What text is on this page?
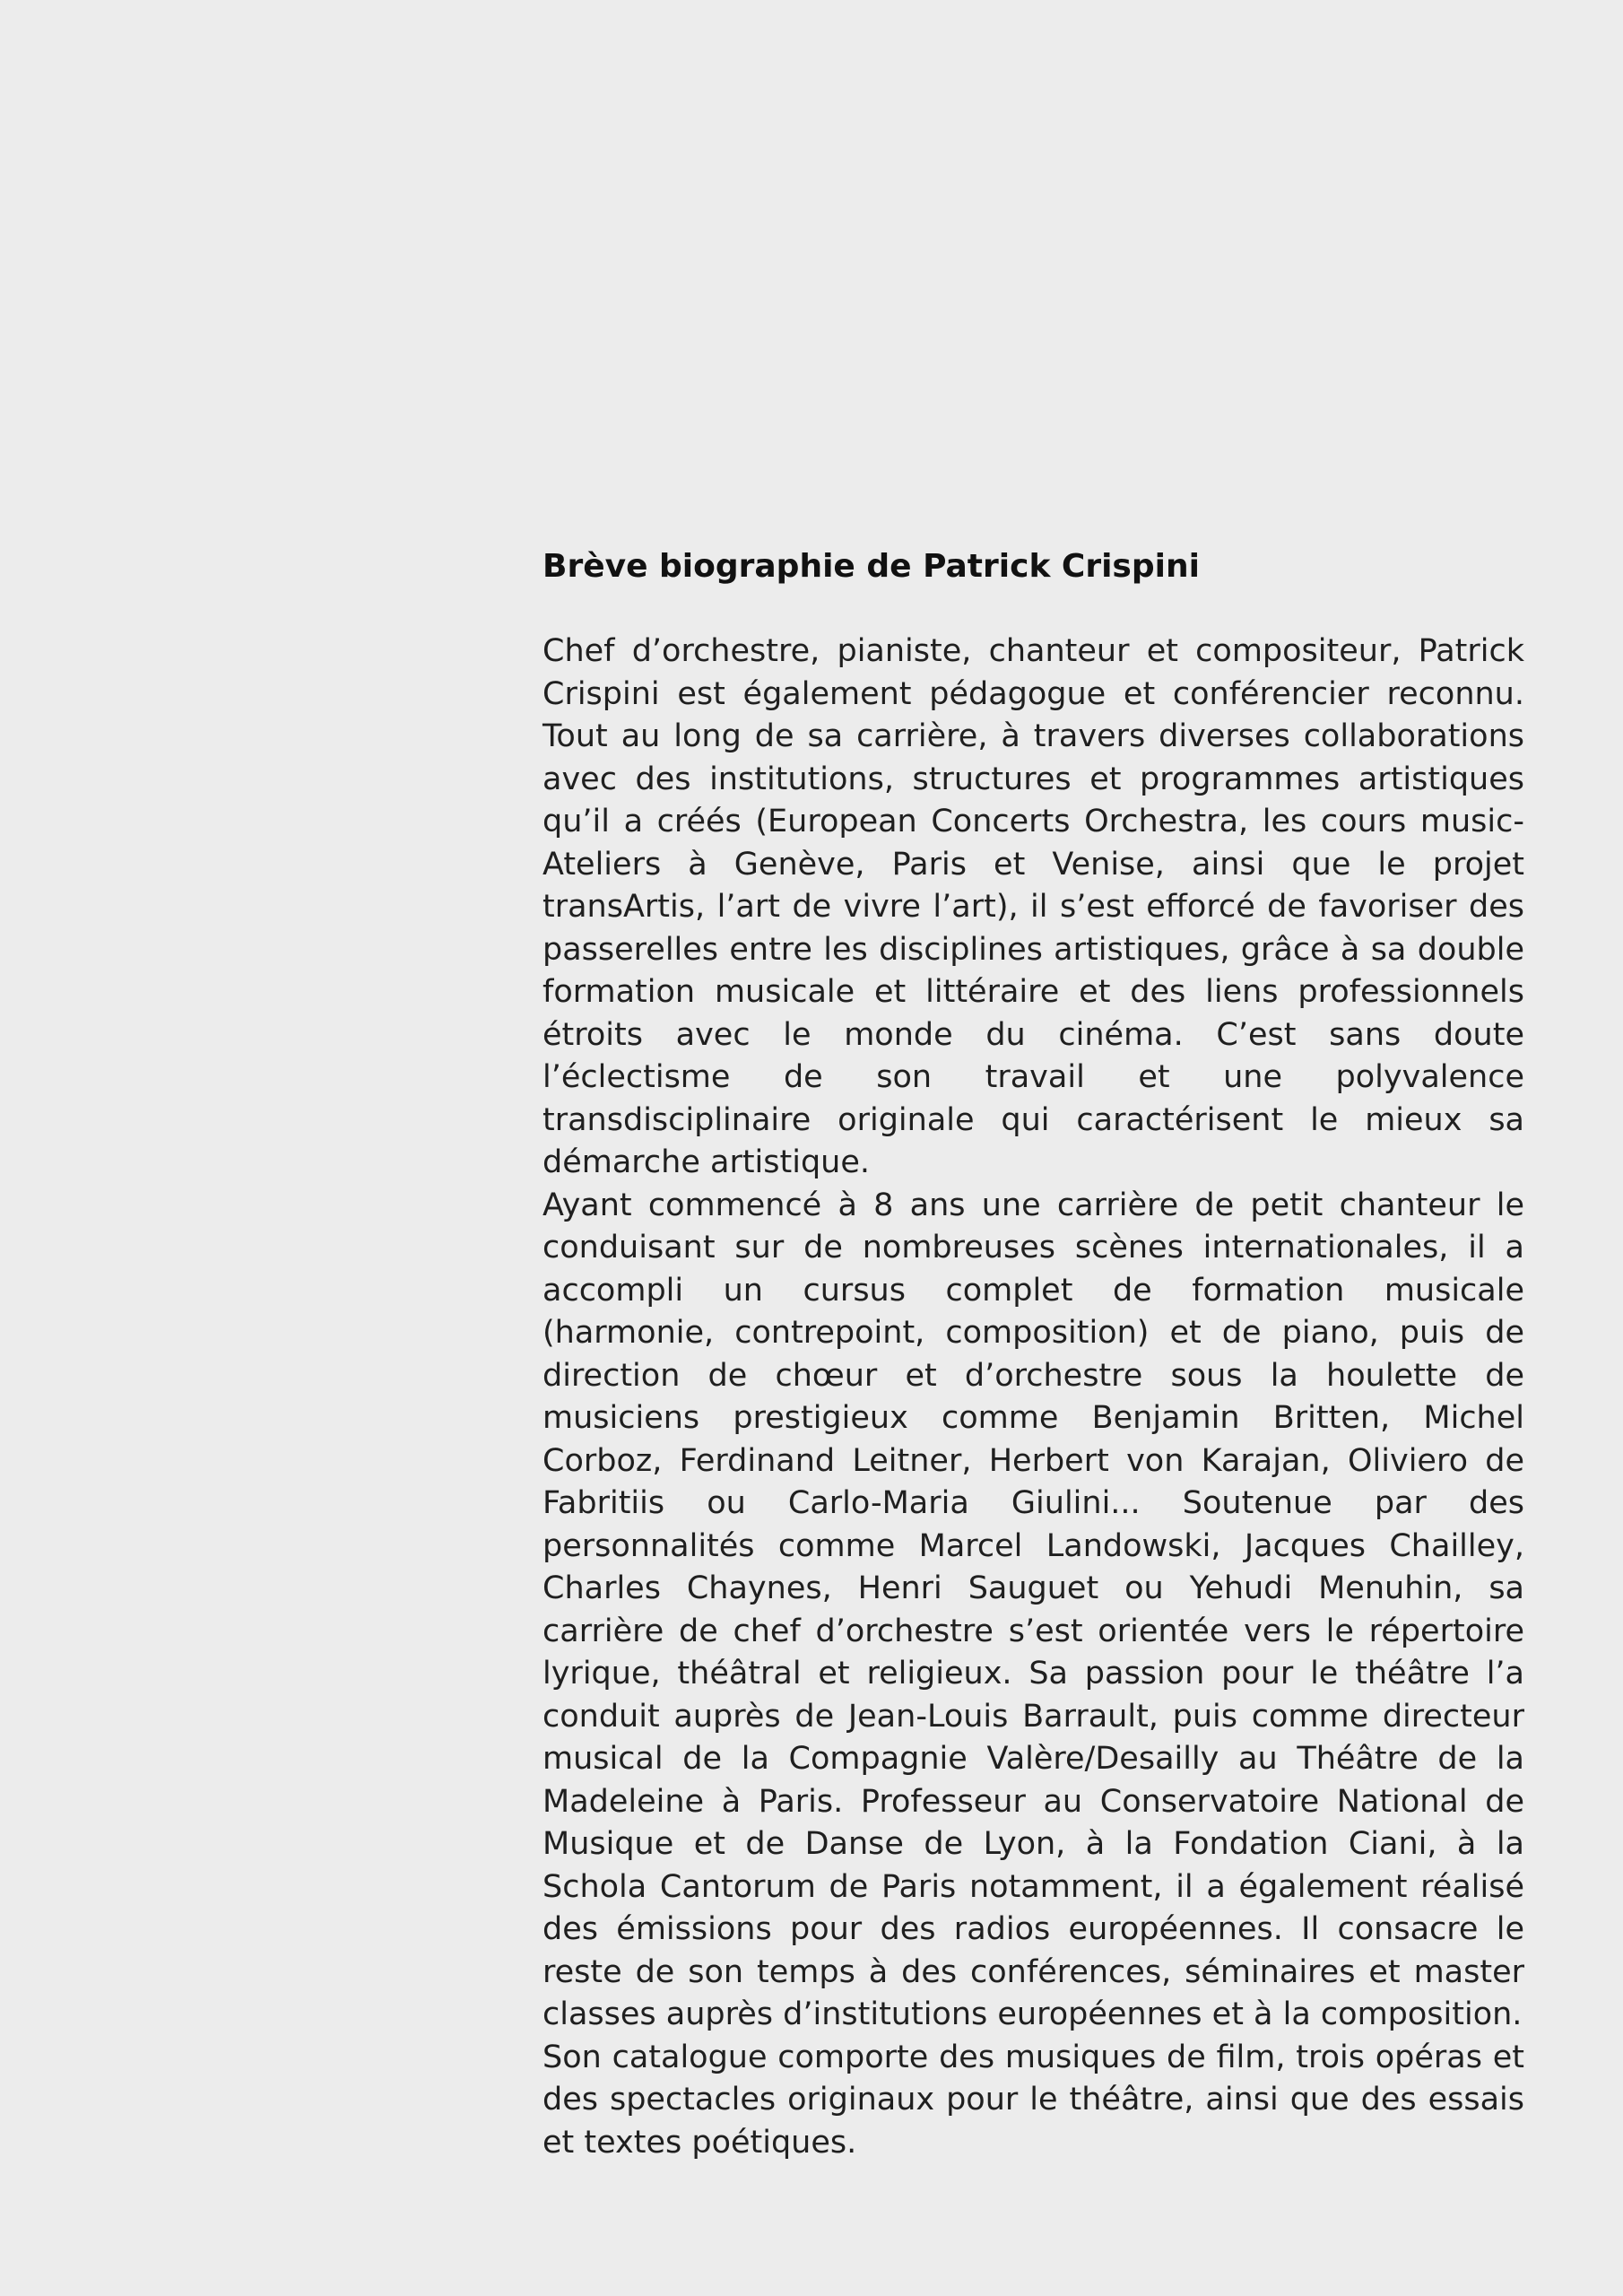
Brève biographie de Patrick Crispini

Chef d’orchestre, pianiste, chanteur et compositeur, Patrick Crispini est également pédagogue et conférencier reconnu. Tout au long de sa carrière, à travers diverses collaborations avec des institutions, structures et programmes artistiques qu’il a créés (European Concerts Orchestra, les cours music-Ateliers à Genève, Paris et Venise, ainsi que le projet transArtis, l’art de vivre l’art), il s’est efforcé de favoriser des passerelles entre les disciplines artistiques, grâce à sa double formation musicale et littéraire et des liens professionnels étroits avec le monde du cinéma. C’est sans doute l’éclectisme de son travail et une polyvalence transdisciplinaire originale qui caractérisent le mieux sa démarche artistique.

Ayant commencé à 8 ans une carrière de petit chanteur le conduisant sur de nombreuses scènes internationales, il a accompli un cursus complet de formation musicale (harmonie, contrepoint, composition) et de piano, puis de direction de chœur et d’orchestre sous la houlette de musiciens prestigieux comme Benjamin Britten, Michel Corboz, Ferdinand Leitner, Herbert von Karajan, Oliviero de Fabritiis ou Carlo-Maria Giulini... Soutenue par des personnalités comme Marcel Landowski, Jacques Chailley, Charles Chaynes, Henri Sauguet ou Yehudi Menuhin, sa carrière de chef d’orchestre s’est orientée vers le répertoire lyrique, théâtral et religieux. Sa passion pour le théâtre l’a conduit auprès de Jean-Louis Barrault, puis comme directeur musical de la Compagnie Valère/Desailly au Théâtre de la Madeleine à Paris. Professeur au Conservatoire National de Musique et de Danse de Lyon, à la Fondation Ciani, à la Schola Cantorum de Paris notamment, il a également réalisé des émissions pour des radios européennes. Il consacre le reste de son temps à des conférences, séminaires et master classes auprès d’institutions européennes et à la composition.

Son catalogue comporte des musiques de film, trois opéras et des spectacles originaux pour le théâtre, ainsi que des essais et textes poétiques.
